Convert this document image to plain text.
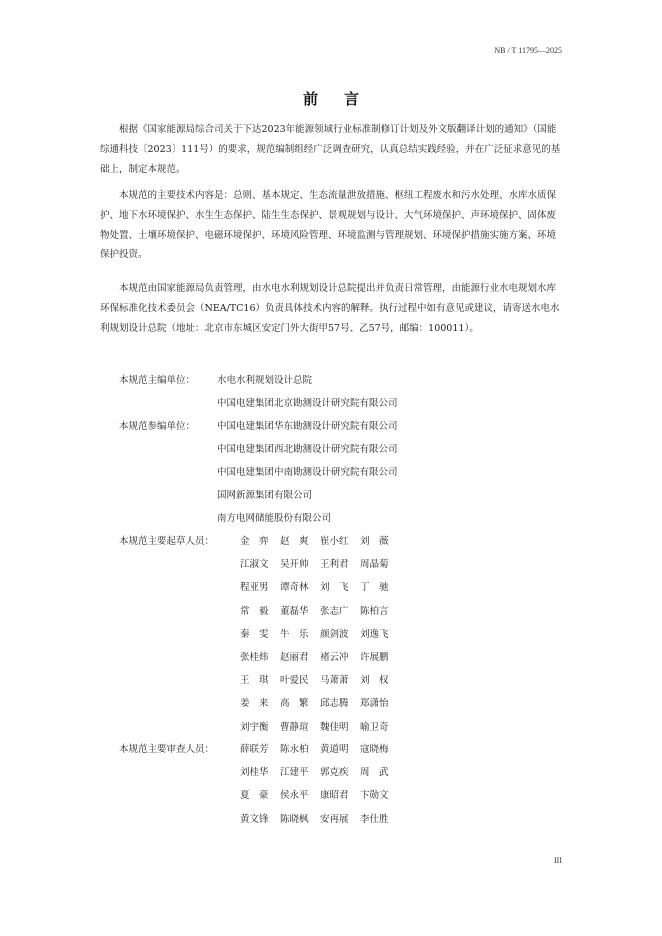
NB / T 11795—2025
前言

根据《国家能源局综合司关于下达2023年能源领域行业标准制修订计划及外文版翻译计划的通知》（国能综通科技〔2023〕111号）的要求，规范编制组经广泛调查研究，认真总结实践经验，并在广泛征求意见的基础上，制定本规范。

本规范的主要技术内容是：总则、基本规定、生态流量泄放措施、枢纽工程废水和污水处理、水库水质保护、地下水环境保护、水生生态保护、陆生生态保护、景观规划与设计、大气环境保护、声环境保护、固体废物处置、土壤环境保护、电磁环境保护、环境风险管理、环境监测与管理规划、环境保护措施实施方案、环境保护投资。

本规范由国家能源局负责管理，由水电水利规划设计总院提出并负责日常管理，由能源行业水电规划水库环保标准化技术委员会（NEA/TC16）负责具体技术内容的解释。执行过程中如有意见或建议，请寄送水电水利规划设计总院（地址：北京市东城区安定门外大街甲57号、乙57号，邮编：100011）。

本规范主编单位： 水电水利规划设计总院
中国电建集团北京勘测设计研究院有限公司
本规范参编单位： 中国电建集团华东勘测设计研究院有限公司
中国电建集团西北勘测设计研究院有限公司
中国电建集团中南勘测设计研究院有限公司
国网新源集团有限公司
南方电网储能股份有限公司
本规范主要起草人员：	金　弈 赵　爽 崔小红 刘　薇
江淑文 吴开帅 王利君 周晶菊
程亚男 谭奇林 刘　飞 丁　驰
常　毅 董磊华 张志广 陈柏言
秦　雯 牛　乐 颜剑波 刘逸飞
张桂炜 赵丽君 褚云冲 许展鹏
王　琪 叶爱民 马萧萧 刘　权
姜　来 高　繁 邱志腾 郑潇怡
刘宇衡 曹静瑄 魏佳明 喻卫奇
本规范主要审查人员：	薛联芳 陈永柏 黄道明 寇晓梅
刘桂华 江建平 郭克疾 周　武
夏　豪 侯永平 康昭君 卞勋文
黄文锋 陈晓枫 安再展 李仕胜
III
